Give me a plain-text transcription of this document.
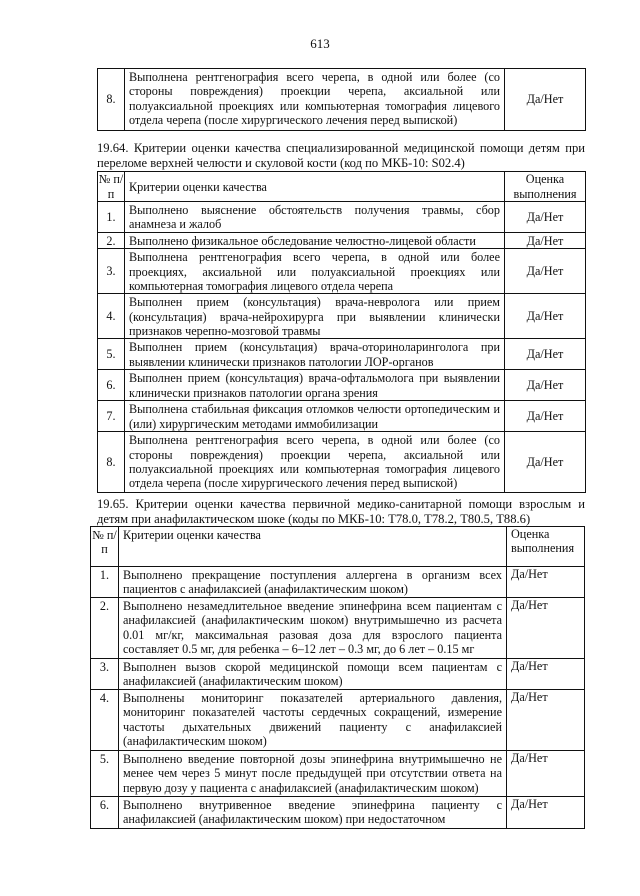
613
8.	Выполнена рентгенография всего черепа, в одной или более (со стороны повреждения) проекции черепа, аксиальной или полуаксиальной проекциях или компьютерная томография лицевого отдела черепа (после хирургического лечения перед выпиской)	Да/Нет
19.64. Критерии оценки качества специализированной медицинской помощи детям при переломе верхней челюсти и скуловой кости (код по МКБ-10: S02.4)
№ п/п	Критерии оценки качества	Оценка выполнения
1.	Выполнено выяснение обстоятельств получения травмы, сбор анамнеза и жалоб	Да/Нет
2.	Выполнено физикальное обследование челюстно-лицевой области	Да/Нет
3.	Выполнена рентгенография всего черепа, в одной или более проекциях, аксиальной или полуаксиальной проекциях или компьютерная томография лицевого отдела черепа	Да/Нет
4.	Выполнен прием (консультация) врача-невролога или прием (консультация) врача-нейрохирурга при выявлении клинически признаков черепно-мозговой травмы	Да/Нет
5.	Выполнен прием (консультация) врача-оториноларинголога при выявлении клинически признаков патологии ЛОР-органов	Да/Нет
6.	Выполнен прием (консультация) врача-офтальмолога при выявлении клинически признаков патологии органа зрения	Да/Нет
7.	Выполнена стабильная фиксация отломков челюсти ортопедическим и (или) хирургическим методами иммобилизации	Да/Нет
8.	Выполнена рентгенография всего черепа, в одной или более (со стороны повреждения) проекции черепа, аксиальной или полуаксиальной проекциях или компьютерная томография лицевого отдела черепа (после хирургического лечения перед выпиской)	Да/Нет
19.65. Критерии оценки качества первичной медико-санитарной помощи взрослым и детям при анафилактическом шоке (коды по МКБ-10: Т78.0, Т78.2, Т80.5, Т88.6)
№ п/п	Критерии оценки качества	Оценка выполнения
1.	Выполнено прекращение поступления аллергена в организм всех пациентов с анафилаксией (анафилактическим шоком)	Да/Нет
2.	Выполнено незамедлительное введение эпинефрина всем пациентам с анафилаксией (анафилактическим шоком) внутримышечно из расчета 0.01 мг/кг, максимальная разовая доза для взрослого пациента составляет 0.5 мг, для ребенка – 6–12 лет – 0.3 мг, до 6 лет – 0.15 мг	Да/Нет
3.	Выполнен вызов скорой медицинской помощи всем пациентам с анафилаксией (анафилактическим шоком)	Да/Нет
4.	Выполнены мониторинг показателей артериального давления, мониторинг показателей частоты сердечных сокращений, измерение частоты дыхательных движений пациенту с анафилаксией (анафилактическим шоком)	Да/Нет
5.	Выполнено введение повторной дозы эпинефрина внутримышечно не менее чем через 5 минут после предыдущей при отсутствии ответа на первую дозу у пациента с анафилаксией (анафилактическим шоком)	Да/Нет
6.	Выполнено внутривенное введение эпинефрина пациенту с анафилаксией (анафилактическим шоком) при недостаточном	Да/Нет
